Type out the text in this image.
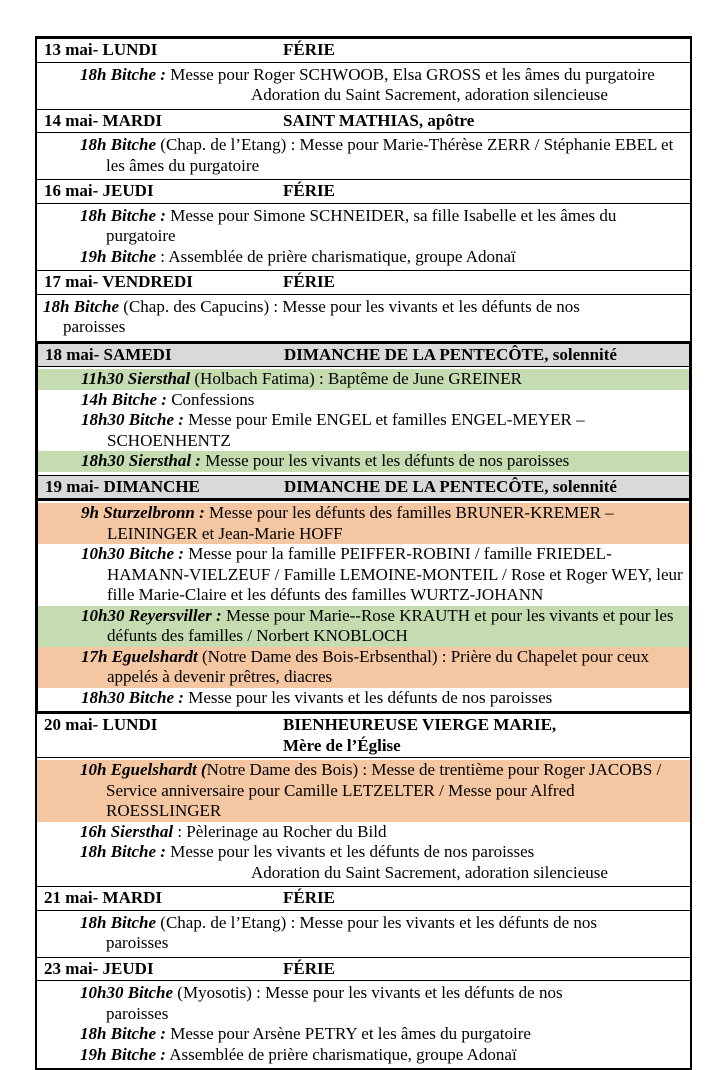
13 mai- LUNDI	FÉRIE
18h Bitche : Messe pour Roger SCHWOOB, Elsa GROSS et les âmes du purgatoire
Adoration du Saint Sacrement, adoration silencieuse
14 mai- MARDI	SAINT MATHIAS, apôtre
18h Bitche (Chap. de l’Etang) : Messe pour Marie-Thérèse ZERR / Stéphanie EBEL et les âmes du purgatoire
16 mai- JEUDI	FÉRIE
18h Bitche : Messe pour Simone SCHNEIDER, sa fille Isabelle et les âmes du purgatoire
19h Bitche : Assemblée de prière charismatique, groupe Adonaï
17 mai- VENDREDI	FÉRIE
18h Bitche (Chap. des Capucins) : Messe pour les vivants et les défunts de nos paroisses
18 mai- SAMEDI	DIMANCHE DE LA PENTECÔTE, solennité
11h30 Siersthal (Holbach Fatima) : Baptême de June GREINER
14h Bitche : Confessions
18h30 Bitche : Messe pour Emile ENGEL et familles ENGEL-MEYER – SCHOENHENTZ
18h30 Siersthal : Messe pour les vivants et les défunts de nos paroisses
19 mai- DIMANCHE	DIMANCHE DE LA PENTECÔTE, solennité
9h Sturzelbronn : Messe pour les défunts des familles BRUNER-KREMER – LEININGER et Jean-Marie HOFF
10h30 Bitche : Messe pour la famille PEIFFER-ROBINI / famille FRIEDEL-HAMANN-VIELZEUF / Famille LEMOINE-MONTEIL / Rose et Roger WEY, leur fille Marie-Claire et les défunts des familles WURTZ-JOHANN
10h30 Reyersviller : Messe pour Marie--Rose KRAUTH et pour les vivants et pour les défunts des familles / Norbert KNOBLOCH
17h Eguelshardt (Notre Dame des Bois-Erbsenthal) : Prière du Chapelet pour ceux appelés à devenir prêtres, diacres
18h30 Bitche : Messe pour les vivants et les défunts de nos paroisses
20 mai- LUNDI	BIENHEUREUSE VIERGE MARIE,
Mère de l’Église
10h Eguelshardt (Notre Dame des Bois) : Messe de trentième pour Roger JACOBS / Service anniversaire pour Camille LETZELTER / Messe pour Alfred ROESSLINGER
16h Siersthal : Pèlerinage au Rocher du Bild
18h Bitche : Messe pour les vivants et les défunts de nos paroisses
Adoration du Saint Sacrement, adoration silencieuse
21 mai- MARDI	FÉRIE
18h Bitche (Chap. de l’Etang) : Messe pour les vivants et les défunts de nos paroisses
23 mai- JEUDI	FÉRIE
10h30 Bitche (Myosotis) : Messe pour les vivants et les défunts de nos paroisses
18h Bitche : Messe pour Arsène PETRY et les âmes du purgatoire
19h Bitche : Assemblée de prière charismatique, groupe Adonaï
